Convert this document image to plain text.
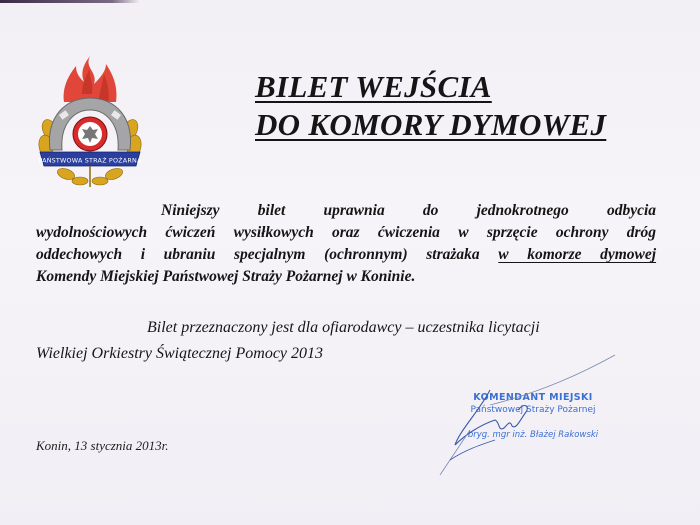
PAŃSTWOWA STRAŻ POŻARNA
BILET WEJŚCIA
DO KOMORY DYMOWEJ
Niniejszy bilet uprawnia do jednokrotnego odbycia
wydolnościowych ćwiczeń wysiłkowych oraz ćwiczenia w sprzęcie ochrony dróg
oddechowych i ubraniu specjalnym (ochronnym) strażaka w komorze dymowej
Komendy Miejskiej Państwowej Straży Pożarnej w Koninie.
Bilet przeznaczony jest dla ofiarodawcy – uczestnika licytacji
Wielkiej Orkiestry Świątecznej Pomocy 2013
Konin, 13 stycznia 2013r.
KOMENDANT MIEJSKI
Państwowej Straży Pożarnej
bryg. mgr inż. Błażej Rakowski
